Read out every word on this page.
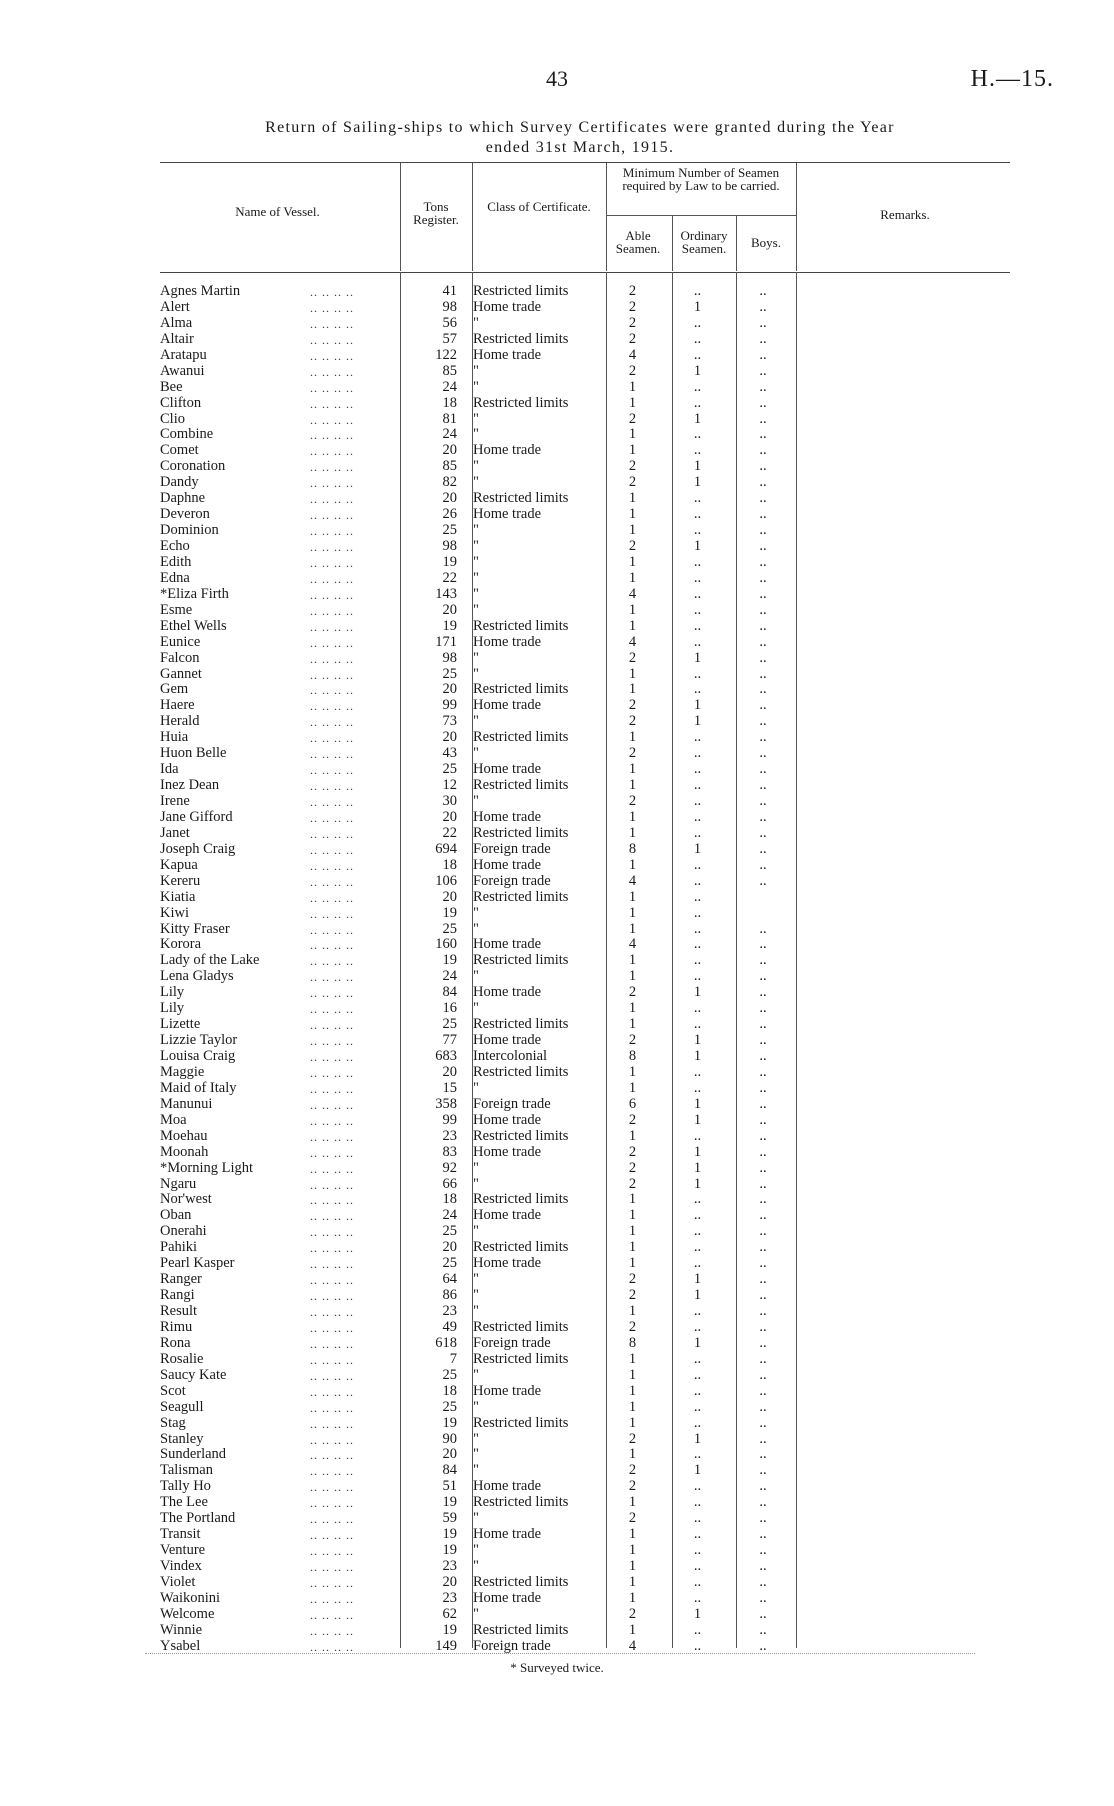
43	H.—15.
Return of Sailing-ships to which Survey Certificates were granted during the Year
ended 31st March, 1915.
Name of Vessel.	Tons Register.
Class of Certificate.
Minimum Number of Seamen required by Law to be carried.
Able Seamen.
Ordinary Seamen.	Boys.
Remarks.
Agnes Martin	41 Restricted limits	2	..	..
.. .. .. ..
Alert	98 Home trade	2	1	..
.. .. .. ..
Alma	56 "	2	..	..
.. .. .. ..
Altair	57 Restricted limits	2	..	..
.. .. .. ..
Aratapu	122 Home trade	4	..	..
.. .. .. ..
Awanui	85 "	2	1	..
.. .. .. ..
Bee	24 "	1	..	..
.. .. .. ..
Clifton	18 Restricted limits	1	..	..
.. .. .. ..
Clio	81 "	2	1	..
.. .. .. ..
Combine	24 "	1	..	..
.. .. .. ..
Comet	20 Home trade	1	..	..
.. .. .. ..
Coronation	85 "	2	1	..
.. .. .. ..
Dandy	82 "	2	1	..
.. .. .. ..
Daphne	20 Restricted limits	1	..	..
.. .. .. ..
Deveron	26 Home trade	1	..	..
.. .. .. ..
Dominion	25 "	1	..	..
.. .. .. ..
Echo	98 "	2	1	..
.. .. .. ..
Edith	19 "	1	..	..
.. .. .. ..
Edna	22 "	1	..	..
.. .. .. ..
*Eliza Firth	143 "	4	..	..
.. .. .. ..
Esme	20 "	1	..	..
.. .. .. ..
Ethel Wells	19 Restricted limits	1	..	..
.. .. .. ..
Eunice	171 Home trade	4	..	..
.. .. .. ..
Falcon	98 "	2	1	..
.. .. .. ..
Gannet	25 "	1	..	..
.. .. .. ..
Gem	20 Restricted limits	1	..	..
.. .. .. ..
Haere	99 Home trade	2	1	..
.. .. .. ..
Herald	73 "	2	1	..
.. .. .. ..
Huia	20 Restricted limits	1	..	..
.. .. .. ..
Huon Belle	43 "	2	..	..
.. .. .. ..
Ida	25 Home trade	1	..	..
.. .. .. ..
Inez Dean	12 Restricted limits	1	..	..
.. .. .. ..
Irene	30 "	2	..	..
.. .. .. ..
Jane Gifford	20 Home trade	1	..	..
.. .. .. ..
Janet	22 Restricted limits	1	..	..
.. .. .. ..
Joseph Craig	694 Foreign trade	8	1	..
.. .. .. ..
Kapua	18 Home trade	1	..	..
.. .. .. ..
Kereru	106 Foreign trade	4	..	..
.. .. .. ..
Kiatia	20 Restricted limits	1	..
.. .. .. ..
Kiwi	19 "	1	..
.. .. .. ..
Kitty Fraser	25 "	1	..	..
.. .. .. ..
Korora	160 Home trade	4	..	..
.. .. .. ..
Lady of the Lake	19 Restricted limits	1	..	..
.. .. .. ..
Lena Gladys	24 "	1	..	..
.. .. .. ..
Lily	84 Home trade	2	1	..
.. .. .. ..
Lily	16 "	1	..	..
.. .. .. ..
Lizette	25 Restricted limits	1	..	..
.. .. .. ..
Lizzie Taylor	77 Home trade	2	1	..
.. .. .. ..
Louisa Craig	683 Intercolonial	8	1	..
.. .. .. ..
Maggie	20 Restricted limits	1	..	..
.. .. .. ..
Maid of Italy	15 "	1	..	..
.. .. .. ..
Manunui	358 Foreign trade	6	1	..
.. .. .. ..
Moa	99 Home trade	2	1	..
.. .. .. ..
Moehau	23 Restricted limits	1	..	..
.. .. .. ..
Moonah	83 Home trade	2	1	..
.. .. .. ..
*Morning Light	92 "	2	1	..
.. .. .. ..
Ngaru	66 "	2	1	..
.. .. .. ..
Nor'west	18 Restricted limits	1	..	..
.. .. .. ..
Oban	24 Home trade	1	..	..
.. .. .. ..
Onerahi	25 "	1	..	..
.. .. .. ..
Pahiki	20 Restricted limits	1	..	..
.. .. .. ..
Pearl Kasper	25 Home trade	1	..	..
.. .. .. ..
Ranger	64 "	2	1	..
.. .. .. ..
Rangi	86 "	2	1	..
.. .. .. ..
Result	23 "	1	..	..
.. .. .. ..
Rimu	49 Restricted limits	2	..	..
.. .. .. ..
Rona	618 Foreign trade	8	1	..
.. .. .. ..
Rosalie	7 Restricted limits	1	..	..
.. .. .. ..
Saucy Kate	25 "	1	..	..
.. .. .. ..
Scot	18 Home trade	1	..	..
.. .. .. ..
Seagull	25 "	1	..	..
.. .. .. ..
Stag	19 Restricted limits	1	..	..
.. .. .. ..
Stanley	90 "	2	1	..
.. .. .. ..
Sunderland	20 "	1	..	..
.. .. .. ..
Talisman	84 "	2	1	..
.. .. .. ..
Tally Ho	51 Home trade	2	..	..
.. .. .. ..
The Lee	19 Restricted limits	1	..	..
.. .. .. ..
The Portland	59 "	2	..	..
.. .. .. ..
Transit	19 Home trade	1	..	..
.. .. .. ..
Venture	19 "	1	..	..
.. .. .. ..
Vindex	23 "	1	..	..
.. .. .. ..
Violet	20 Restricted limits	1	..	..
.. .. .. ..
Waikonini	23 Home trade	1	..	..
.. .. .. ..
Welcome	62 "	2	1	..
.. .. .. ..
Winnie	19 Restricted limits	1	..	..
.. .. .. ..
Ysabel	149 Foreign trade	4	..	..
.. .. .. ..
* Surveyed twice.
